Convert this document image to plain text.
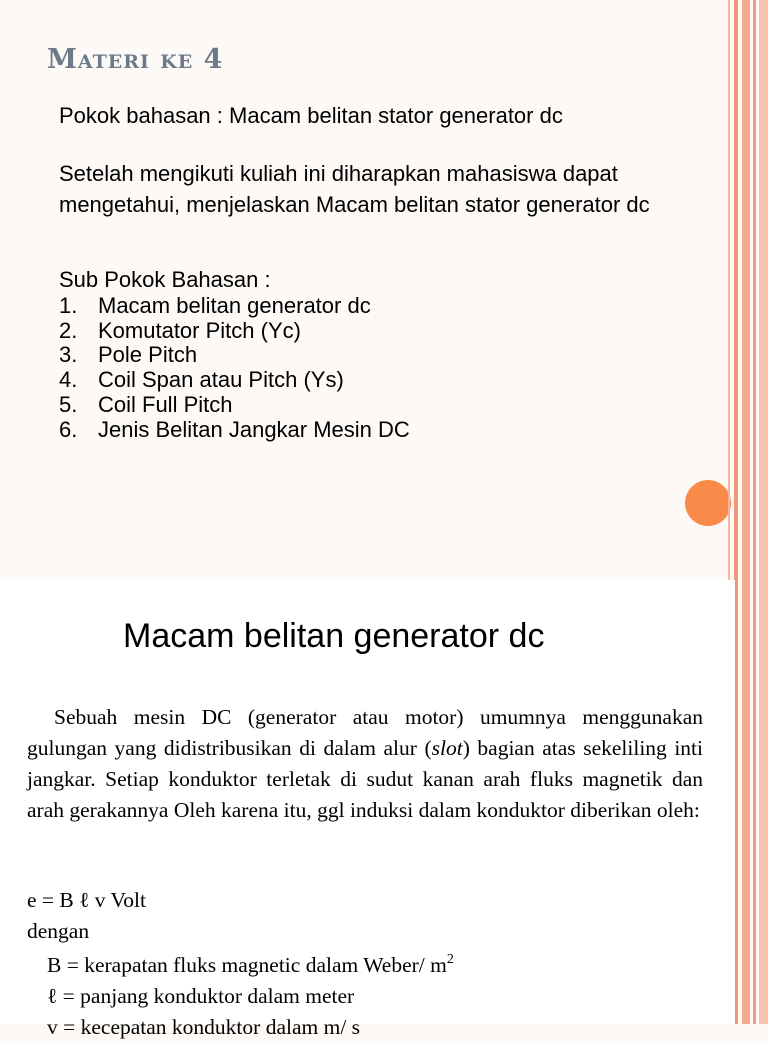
Materi ke 4
Pokok bahasan : Macam belitan stator generator dc
Setelah mengikuti kuliah ini diharapkan mahasiswa dapat mengetahui, menjelaskan Macam belitan stator generator dc
Sub Pokok Bahasan :
1. Macam belitan generator dc
2. Komutator Pitch (Yc)
3. Pole Pitch
4. Coil Span atau Pitch (Ys)
5. Coil Full Pitch
6. Jenis Belitan Jangkar Mesin DC
Macam belitan generator dc

Sebuah mesin DC (generator atau motor) umumnya menggunakan gulungan yang didistribusikan di dalam alur (slot) bagian atas sekeliling inti jangkar. Setiap konduktor terletak di sudut kanan arah fluks magnetik dan arah gerakannya Oleh karena itu, ggl induksi dalam konduktor diberikan oleh:

e = B ℓ v Volt
dengan
B = kerapatan fluks magnetic dalam Weber/ $m^2$
ℓ = panjang konduktor dalam meter
v = kecepatan konduktor dalam m/ s
